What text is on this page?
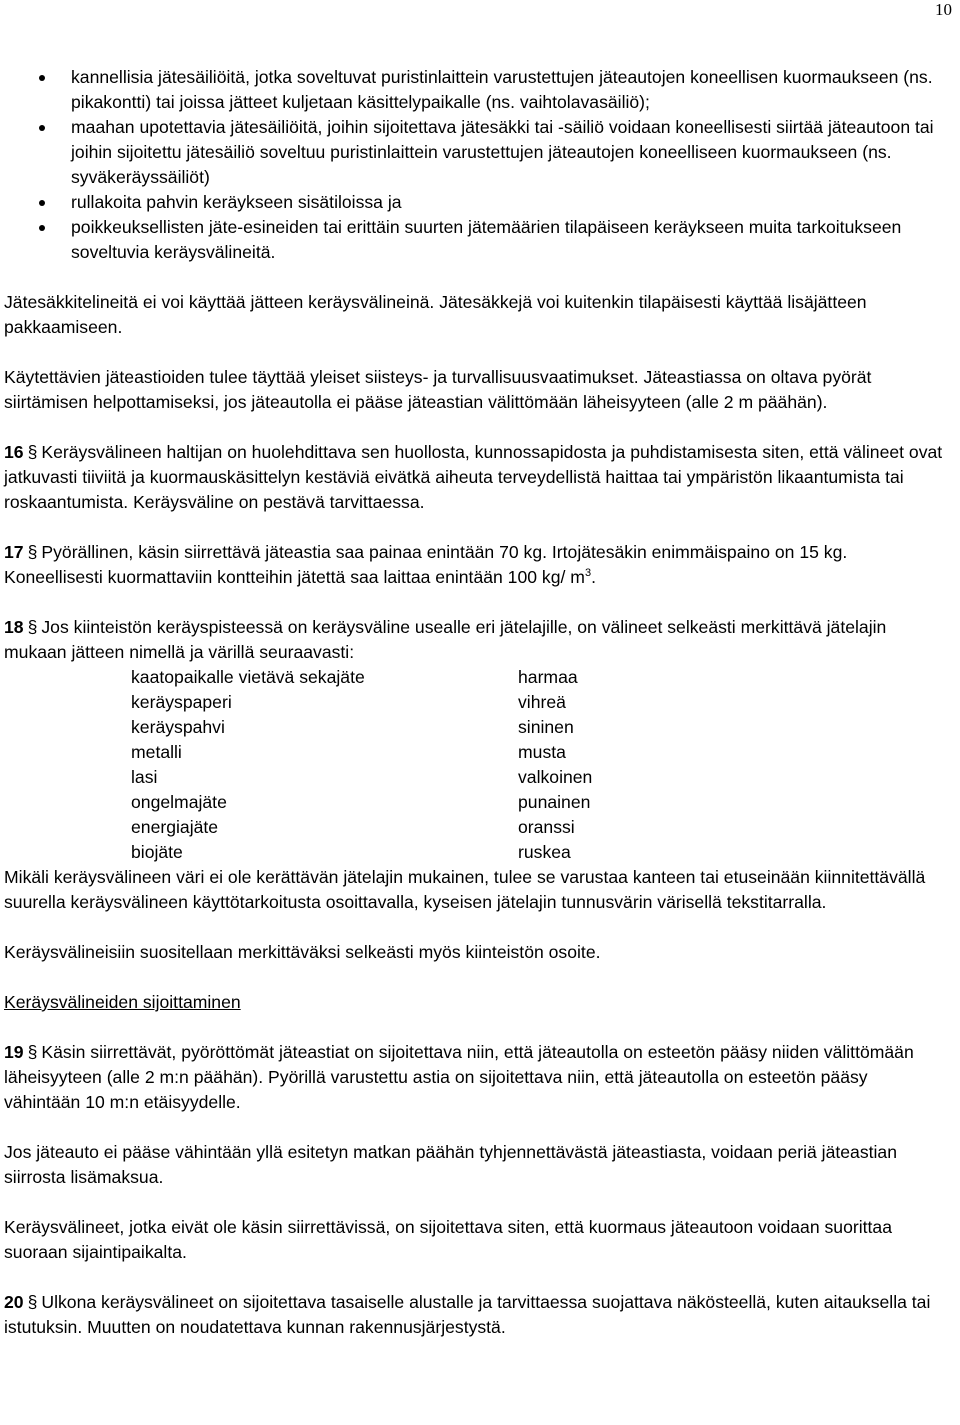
10
kannellisia jätesäiliöitä, jotka soveltuvat puristinlaittein varustettujen jäteautojen koneellisen kuormaukseen (ns. pikakontti) tai joissa jätteet kuljetaan käsittelypaikalle (ns. vaihtolavasäiliö);
maahan upotettavia jätesäiliöitä, joihin sijoitettava jätesäkki tai -säiliö voidaan koneellisesti siirtää jäteautoon tai joihin sijoitettu jätesäiliö soveltuu puristinlaittein varustettujen jäteautojen koneelliseen kuormaukseen (ns. syväkeräyssäiliöt)
rullakoita pahvin keräykseen sisätiloissa ja
poikkeuksellisten jäte-esineiden tai erittäin suurten jätemäärien tilapäiseen keräykseen muita tarkoitukseen soveltuvia keräysvälineitä.

Jätesäkkitelineitä ei voi käyttää jätteen keräysvälineinä. Jätesäkkejä voi kuitenkin tilapäisesti käyttää lisäjätteen pakkaamiseen.

Käytettävien jäteastioiden tulee täyttää yleiset siisteys- ja turvallisuusvaatimukset. Jäteastiassa on oltava pyörät siirtämisen helpottamiseksi, jos jäteautolla ei pääse jäteastian välittömään läheisyyteen (alle 2 m päähän).

16 § Keräysvälineen haltijan on huolehdittava sen huollosta, kunnossapidosta ja puhdistamisesta siten, että välineet ovat jatkuvasti tiiviitä ja kuormauskäsittelyn kestäviä eivätkä aiheuta terveydellistä haittaa tai ympäristön likaantumista tai roskaantumista. Keräysväline on pestävä tarvittaessa.

17 § Pyörällinen, käsin siirrettävä jäteastia saa painaa enintään 70 kg. Irtojätesäkin enimmäispaino on 15 kg. Koneellisesti kuormattaviin kontteihin jätettä saa laittaa enintään 100 kg/ $m^3$.

18 § Jos kiinteistön keräyspisteessä on keräysväline usealle eri jätelajille, on välineet selkeästi merkittävä jätelajin mukaan jätteen nimellä ja värillä seuraavasti:

kaatopaikalle vietävä sekajäte	harmaa
keräyspaperi	vihreä
keräyspahvi	sininen
metalli	musta
lasi	valkoinen
ongelmajäte	punainen
energiajäte	oranssi
biojäte	ruskea

Mikäli keräysvälineen väri ei ole kerättävän jätelajin mukainen, tulee se varustaa kanteen tai etuseinään kiinnitettävällä suurella keräysvälineen käyttötarkoitusta osoittavalla, kyseisen jätelajin tunnusvärin värisellä tekstitarralla.

Keräysvälineisiin suositellaan merkittäväksi selkeästi myös kiinteistön osoite.

Keräysvälineiden sijoittaminen

19 § Käsin siirrettävät, pyöröttömät jäteastiat on sijoitettava niin, että jäteautolla on esteetön pääsy niiden välittömään läheisyyteen (alle 2 m:n päähän). Pyörillä varustettu astia on sijoitettava niin, että jäteautolla on esteetön pääsy vähintään 10 m:n etäisyydelle.

Jos jäteauto ei pääse vähintään yllä esitetyn matkan päähän tyhjennettävästä jäteastiasta, voidaan periä jäteastian siirrosta lisämaksua.

Keräysvälineet, jotka eivät ole käsin siirrettävissä, on sijoitettava siten, että kuormaus jäteautoon voidaan suorittaa suoraan sijaintipaikalta.

20 § Ulkona keräysvälineet on sijoitettava tasaiselle alustalle ja tarvittaessa suojattava näkösteellä, kuten aitauksella tai istutuksin. Muutten on noudatettava kunnan rakennusjärjestystä.
